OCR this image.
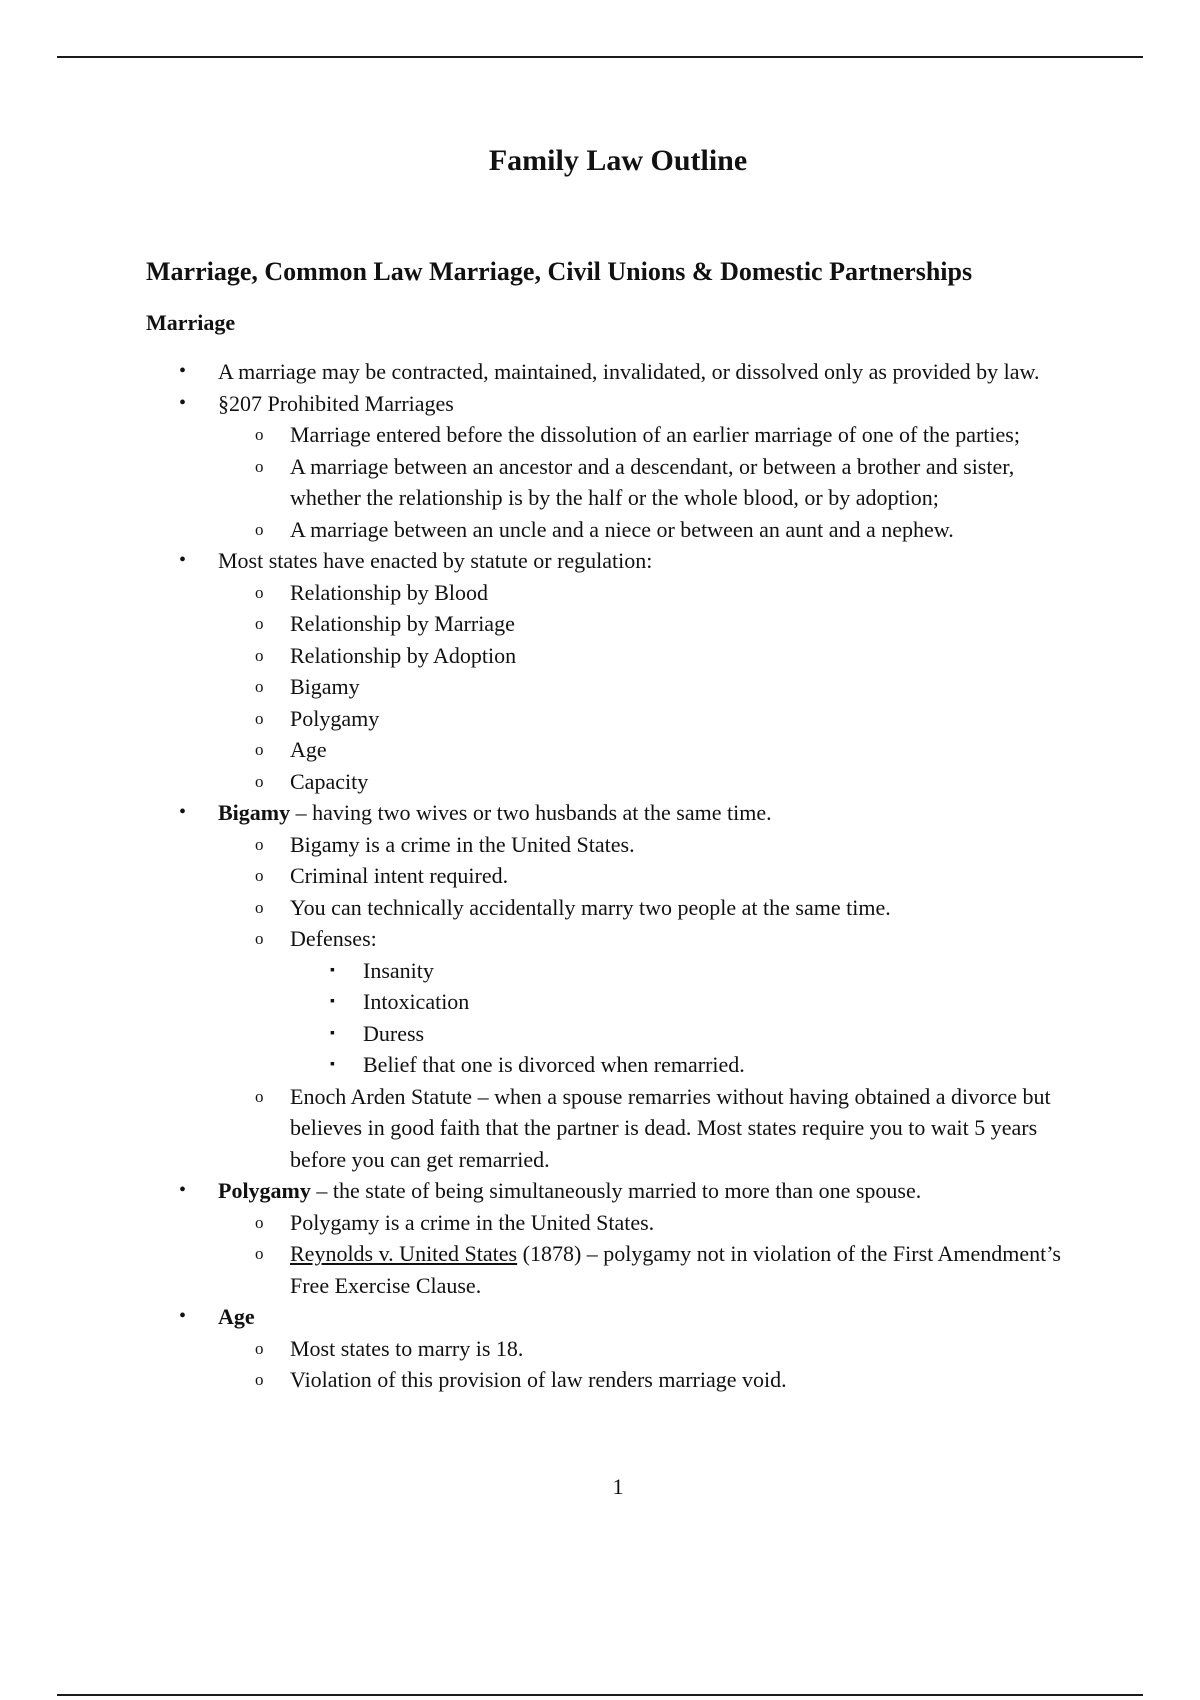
Family Law Outline
Marriage, Common Law Marriage, Civil Unions & Domestic Partnerships
Marriage
• A marriage may be contracted, maintained, invalidated, or dissolved only as provided by law.
• §207 Prohibited Marriages
o Marriage entered before the dissolution of an earlier marriage of one of the parties;
o A marriage between an ancestor and a descendant, or between a brother and sister, whether the relationship is by the half or the whole blood, or by adoption;
o A marriage between an uncle and a niece or between an aunt and a nephew.
• Most states have enacted by statute or regulation:
o Relationship by Blood
o Relationship by Marriage
o Relationship by Adoption
o Bigamy
o Polygamy
o Age
o Capacity
• Bigamy – having two wives or two husbands at the same time.
o Bigamy is a crime in the United States.
o Criminal intent required.
o You can technically accidentally marry two people at the same time.
o Defenses:
▪ Insanity
▪ Intoxication
▪ Duress
▪ Belief that one is divorced when remarried.
o Enoch Arden Statute – when a spouse remarries without having obtained a divorce but believes in good faith that the partner is dead. Most states require you to wait 5 years before you can get remarried.
• Polygamy – the state of being simultaneously married to more than one spouse.
o Polygamy is a crime in the United States.
o Reynolds v. United States (1878) – polygamy not in violation of the First Amendment’s Free Exercise Clause.
• Age
o Most states to marry is 18.
o Violation of this provision of law renders marriage void.
1
